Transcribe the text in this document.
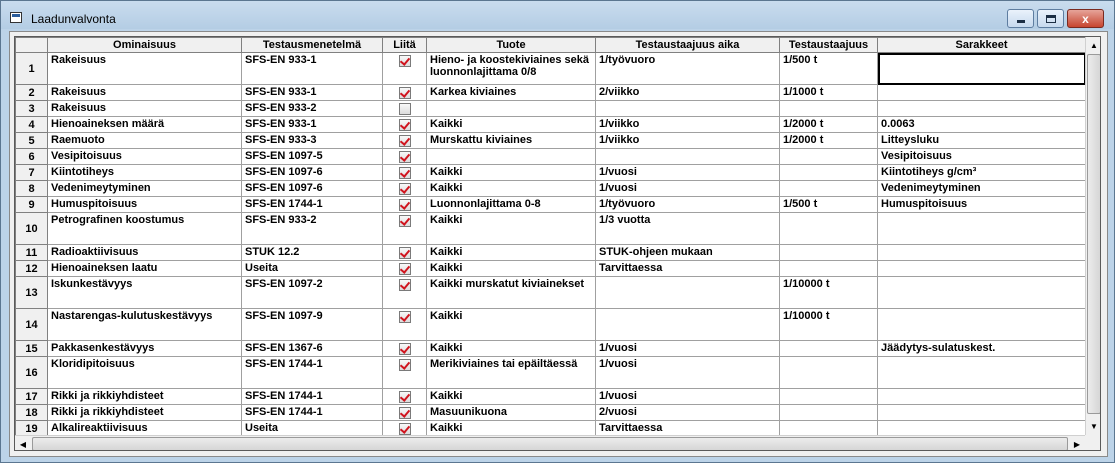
Laadunvalvonta	x
	Ominaisuus	Testausmenetelmä	Liitä	Tuote	Testaustaajuus aika	Testaustaajuus	Sarakkeet
1	Rakeisuus	SFS-EN 933-1		Hieno- ja koostekiviaines sekä luonnonlajittama 0/8	1/työvuoro	1/500 t	
2	Rakeisuus	SFS-EN 933-1		Karkea kiviaines	2/viikko	1/1000 t	
3	Rakeisuus	SFS-EN 933-2					
4	Hienoaineksen määrä	SFS-EN 933-1		Kaikki	1/viikko	1/2000 t	0.0063
5	Raemuoto	SFS-EN 933-3		Murskattu kiviaines	1/viikko	1/2000 t	Litteysluku
6	Vesipitoisuus	SFS-EN 1097-5					Vesipitoisuus
7	Kiintotiheys	SFS-EN 1097-6		Kaikki	1/vuosi		Kiintotiheys g/cm³
8	Vedenimeytyminen	SFS-EN 1097-6		Kaikki	1/vuosi		Vedenimeytyminen
9	Humuspitoisuus	SFS-EN 1744-1		Luonnonlajittama 0-8	1/työvuoro	1/500 t	Humuspitoisuus
10	Petrografinen koostumus	SFS-EN 933-2		Kaikki	1/3 vuotta		
11	Radioaktiivisuus	STUK 12.2		Kaikki	STUK-ohjeen mukaan		
12	Hienoaineksen laatu	Useita		Kaikki	Tarvittaessa		
13	Iskunkestävyys	SFS-EN 1097-2		Kaikki murskatut kiviainekset		1/10000 t	
14	Nastarengas-kulutuskestävyys	SFS-EN 1097-9		Kaikki		1/10000 t	
15	Pakkasenkestävyys	SFS-EN 1367-6		Kaikki	1/vuosi		Jäädytys-sulatuskest.
16	Kloridipitoisuus	SFS-EN 1744-1		Merikiviaines tai epäiltäessä	1/vuosi		
17	Rikki ja rikkiyhdisteet	SFS-EN 1744-1		Kaikki	1/vuosi		
18	Rikki ja rikkiyhdisteet	SFS-EN 1744-1		Masuunikuona	2/vuosi		
19	Alkalireaktiivisuus	Useita		Kaikki	Tarvittaessa		
▲
▼
◀	▶
